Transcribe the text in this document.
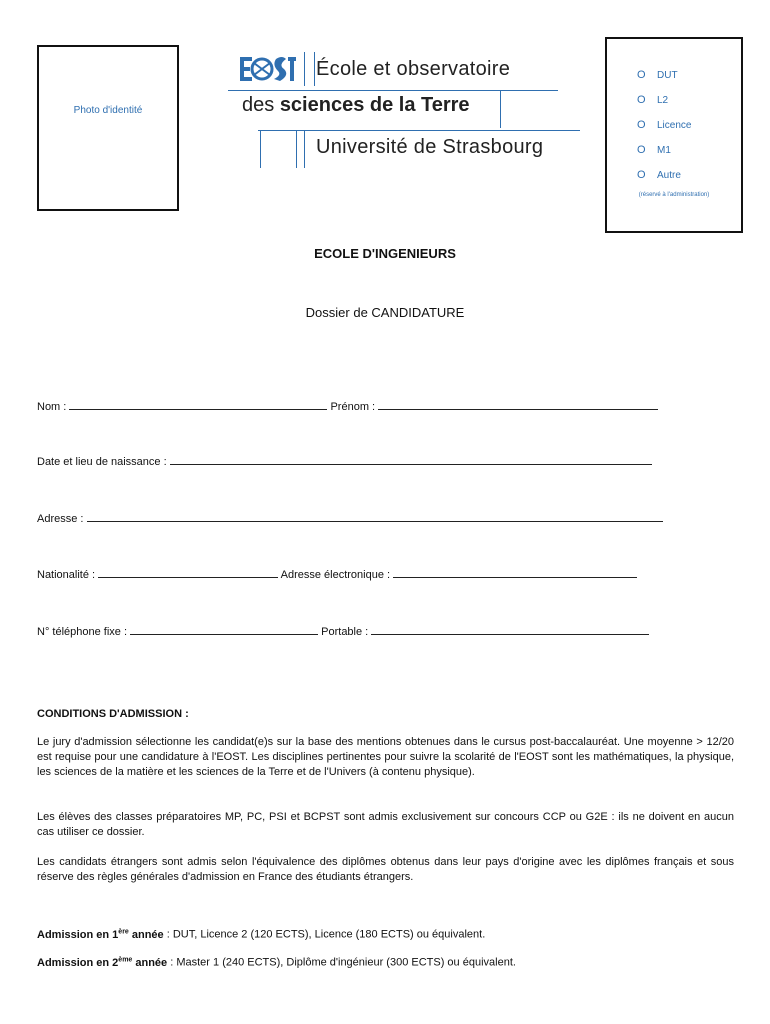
Photo d'identité
École et observatoire
des sciences de la Terre
Université de Strasbourg
O DUT
O L2
O Licence
O M1
O Autre
(réservé à l'administration)
ECOLE D'INGENIEURS
Dossier de CANDIDATURE
Nom :	Prénom :
Date et lieu de naissance :
Adresse :
Nationalité :	Adresse électronique :
N° téléphone fixe :	Portable :
CONDITIONS D'ADMISSION :
Le jury d'admission sélectionne les candidat(e)s sur la base des mentions obtenues dans le cursus post-baccalauréat. Une moyenne > 12/20 est requise pour une candidature à l'EOST. Les disciplines pertinentes pour suivre la scolarité de l'EOST sont les mathématiques, la physique, les sciences de la matière et les sciences de la Terre et de l'Univers (à contenu physique).
Les élèves des classes préparatoires MP, PC, PSI et BCPST sont admis exclusivement sur concours CCP ou G2E : ils ne doivent en aucun cas utiliser ce dossier.
Les candidats étrangers sont admis selon l'équivalence des diplômes obtenus dans leur pays d'origine avec les diplômes français et sous réserve des règles générales d'admission en France des étudiants étrangers.
Admission en 1ère année : DUT, Licence 2 (120 ECTS), Licence (180 ECTS) ou équivalent.
Admission en 2ème année : Master 1 (240 ECTS), Diplôme d'ingénieur (300 ECTS) ou équivalent.
